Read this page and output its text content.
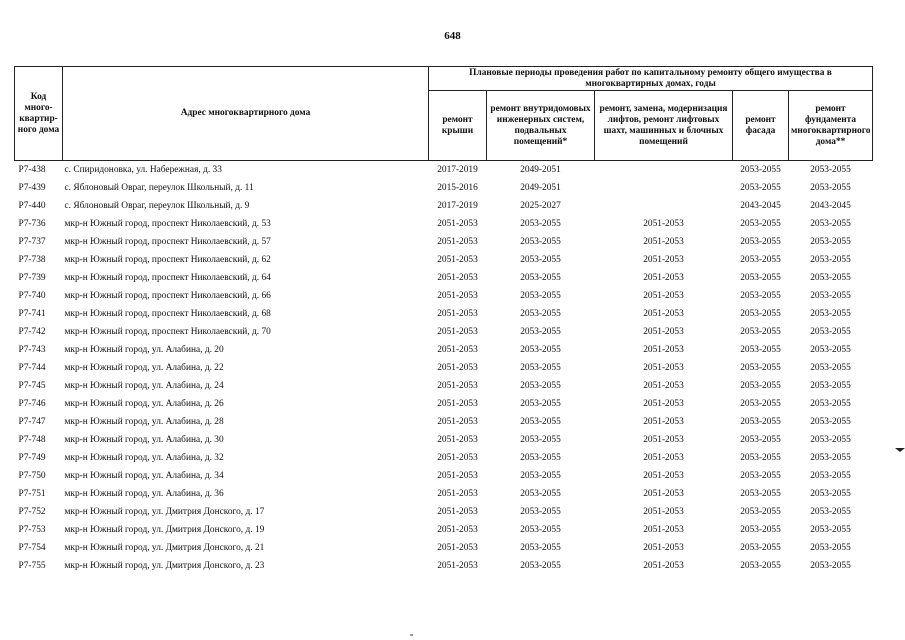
648
Код много-квартир-ного дома	Адрес многоквартирного дома	Плановые периоды проведения работ по капитальному ремонту общего имущества в многоквартирных домах, годы				
		ремонт крыши	ремонт внутридомовых инженерных систем, подвальных помещений*	ремонт, замена, модернизация лифтов, ремонт лифтовых шахт, машинных и блочных помещений	ремонт фасада	ремонт фундамента многоквартирного дома**
Р7-438	с. Спиридоновка, ул. Набережная, д. 33	2017-2019	2049-2051		2053-2055	2053-2055
Р7-439	с. Яблоновый Овраг, переулок Школьный, д. 11	2015-2016	2049-2051		2053-2055	2053-2055
Р7-440	с. Яблоновый Овраг, переулок Школьный, д. 9	2017-2019	2025-2027		2043-2045	2043-2045
Р7-736	мкр-н Южный город, проспект Николаевский, д. 53	2051-2053	2053-2055	2051-2053	2053-2055	2053-2055
Р7-737	мкр-н Южный город, проспект Николаевский, д. 57	2051-2053	2053-2055	2051-2053	2053-2055	2053-2055
Р7-738	мкр-н Южный город, проспект Николаевский, д. 62	2051-2053	2053-2055	2051-2053	2053-2055	2053-2055
Р7-739	мкр-н Южный город, проспект Николаевский, д. 64	2051-2053	2053-2055	2051-2053	2053-2055	2053-2055
Р7-740	мкр-н Южный город, проспект Николаевский, д. 66	2051-2053	2053-2055	2051-2053	2053-2055	2053-2055
Р7-741	мкр-н Южный город, проспект Николаевский, д. 68	2051-2053	2053-2055	2051-2053	2053-2055	2053-2055
Р7-742	мкр-н Южный город, проспект Николаевский, д. 70	2051-2053	2053-2055	2051-2053	2053-2055	2053-2055
Р7-743	мкр-н Южный город, ул. Алабина, д. 20	2051-2053	2053-2055	2051-2053	2053-2055	2053-2055
Р7-744	мкр-н Южный город, ул. Алабина, д. 22	2051-2053	2053-2055	2051-2053	2053-2055	2053-2055
Р7-745	мкр-н Южный город, ул. Алабина, д. 24	2051-2053	2053-2055	2051-2053	2053-2055	2053-2055
Р7-746	мкр-н Южный город, ул. Алабина, д. 26	2051-2053	2053-2055	2051-2053	2053-2055	2053-2055
Р7-747	мкр-н Южный город, ул. Алабина, д. 28	2051-2053	2053-2055	2051-2053	2053-2055	2053-2055
Р7-748	мкр-н Южный город, ул. Алабина, д. 30	2051-2053	2053-2055	2051-2053	2053-2055	2053-2055
Р7-749	мкр-н Южный город, ул. Алабина, д. 32	2051-2053	2053-2055	2051-2053	2053-2055	2053-2055
Р7-750	мкр-н Южный город, ул. Алабина, д. 34	2051-2053	2053-2055	2051-2053	2053-2055	2053-2055
Р7-751	мкр-н Южный город, ул. Алабина, д. 36	2051-2053	2053-2055	2051-2053	2053-2055	2053-2055
Р7-752	мкр-н Южный город, ул. Дмитрия Донского, д. 17	2051-2053	2053-2055	2051-2053	2053-2055	2053-2055
Р7-753	мкр-н Южный город, ул. Дмитрия Донского, д. 19	2051-2053	2053-2055	2051-2053	2053-2055	2053-2055
Р7-754	мкр-н Южный город, ул. Дмитрия Донского, д. 21	2051-2053	2053-2055	2051-2053	2053-2055	2053-2055
Р7-755	мкр-н Южный город, ул. Дмитрия Донского, д. 23	2051-2053	2053-2055	2051-2053	2053-2055	2053-2055
